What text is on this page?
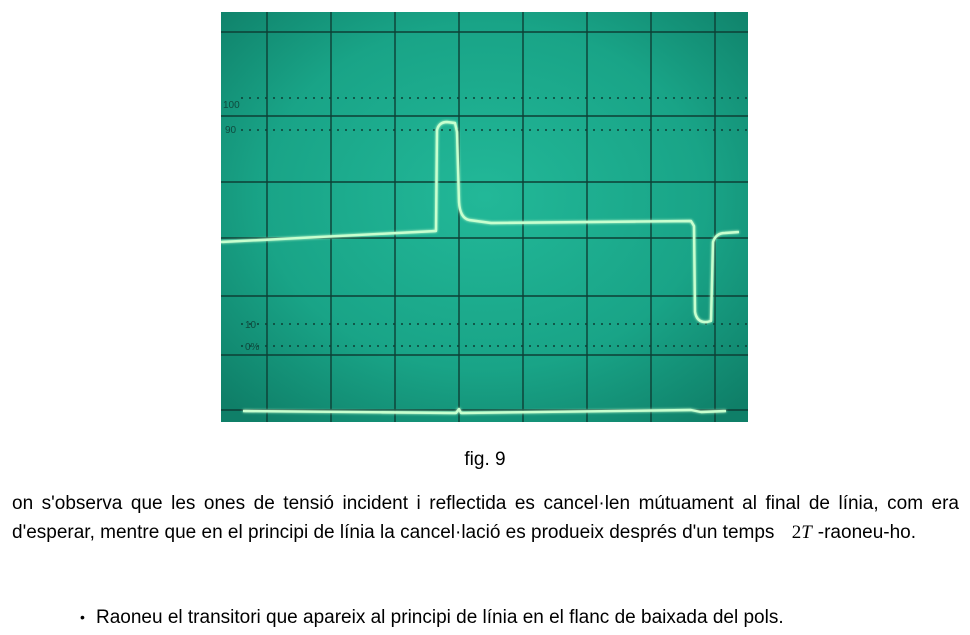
100
90
10
0%
fig. 9

on s'observa que les ones de tensió incident i reflectida es cancel·len mútuament al final de línia, com era d'esperar, mentre que en el principi de línia la cancel·lació es produeix després d'un temps 2T -raoneu-ho.

• Raoneu el transitori que apareix al principi de línia en el flanc de baixada del pols.
